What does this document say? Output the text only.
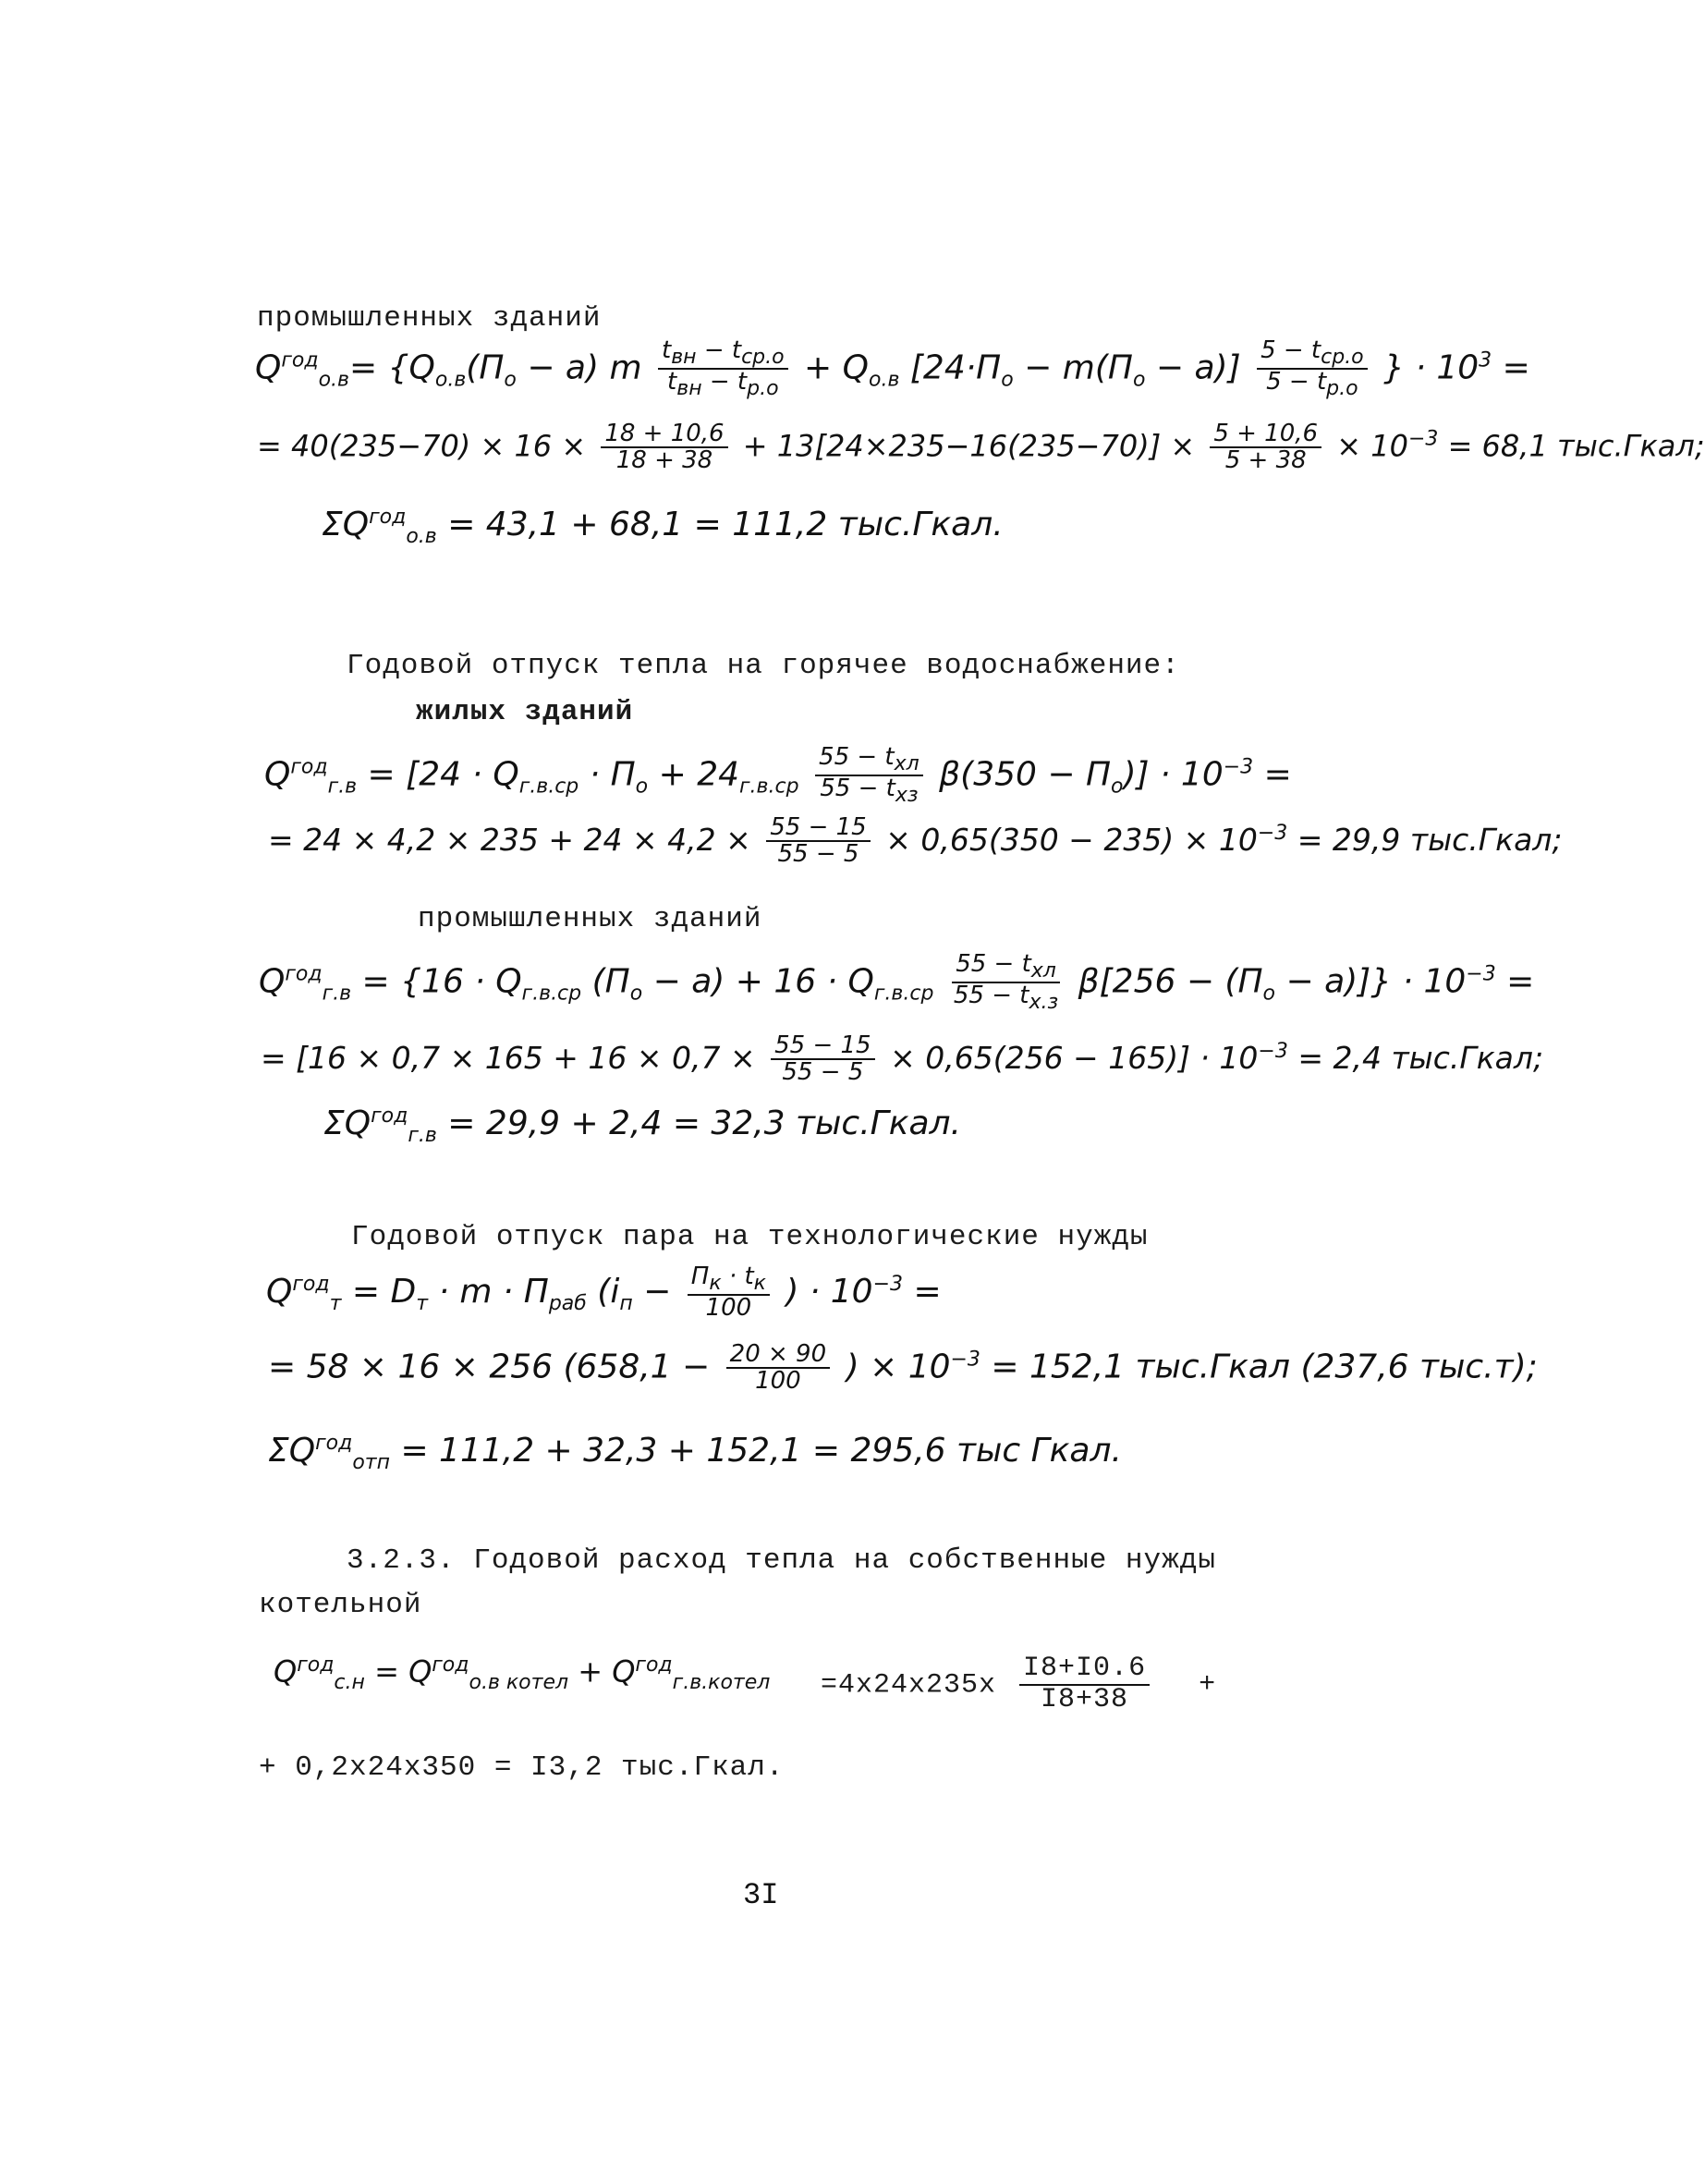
промышленных зданий
$Q^{год}_{о.в}= \{Q_{о.в}(П_о - a)$ m $\frac{t_{вн} - t_{ср.о}}{t_{вн} - t_{р.о}} + Q_{о.в}$ $[24\cdot П_о - m(П_о - a)] \frac{5 - t_{ср.о}}{5 - t_{р.о}}$ } · $10^3$ =
= $40(235-70) \times 16 \times \frac{18 + 10,6}{18 + 38} + 13[24\times 235-16(235-70)] \times \frac{5 + 10,6}{5 + 38} \times 10^{-3} = 68,1$ тыс.Гкал;
$\Sigma Q^{год}_{о.в} = 43,1 + 68,1 = 111,2$ тыс.Гкал.
Годовой отпуск тепла на горячее водоснабжение:
жилых зданий
$Q^{год}_{г.в} = [24 \cdot Q_{г.в.ср} \cdot П_о + 24_{г.в.ср} \frac{55 - t_{хл}}{55 - t_{хз}} \beta(350 - П_о)] \cdot 10^{-3}$ =
= $24 \times 4,2 \times 235 + 24 \times 4,2 \times \frac{55 - 15}{55 - 5} \times 0,65(350 - 235) \times 10^{-3} = 29,9$ тыс.Гкал;
промышленных зданий
$Q^{год}_{г.в} = \{16 \cdot Q_{г.в.ср}$ $(П_о - a) + 16 \cdot Q_{г.в.ср} \frac{55 - t_{хл}}{55 - t_{х.з}} \beta[256 - (П_о - a)]\} \cdot 10^{-3}$ =
= $[16 \times 0,7 \times 165 + 16 \times 0,7 \times \frac{55 - 15}{55 - 5} \times 0,65(256 - 165)] \cdot 10^{-3} = 2,4$ тыс.Гкал;
$\Sigma Q^{год}_{г.в} = 29,9 + 2,4 = 32,3$ тыс.Гкал.
Годовой отпуск пара на технологические нужды
$Q^{год}_т = D_т \cdot m \cdot П_{раб}$ ($i_п - \frac{П_к \cdot t_к}{100}$ ) · $10^{-3}$ =
= 58 × 16 × 256 ($658,1 - \frac{20 \times 90}{100}$ ) × $10^{-3} = 152,1$ тыс.Гкал (237,6 тыс.т);
$\Sigma Q^{год}_{отп} = 111,2 + 32,3 + 152,1 = 295,6$ тыс Гкал.
3.2.3. Годовой расход тепла на собственные нужды
котельной
$Q^{год}_{с.н} = Q^{год}_{о.в котел} + Q^{год}_{г.в.котел} =4x24x235x \frac{I8+I0.6}{I8+38}$ +
+ 0,2x24x350 = I3,2 тыс.Гкал.
3I
